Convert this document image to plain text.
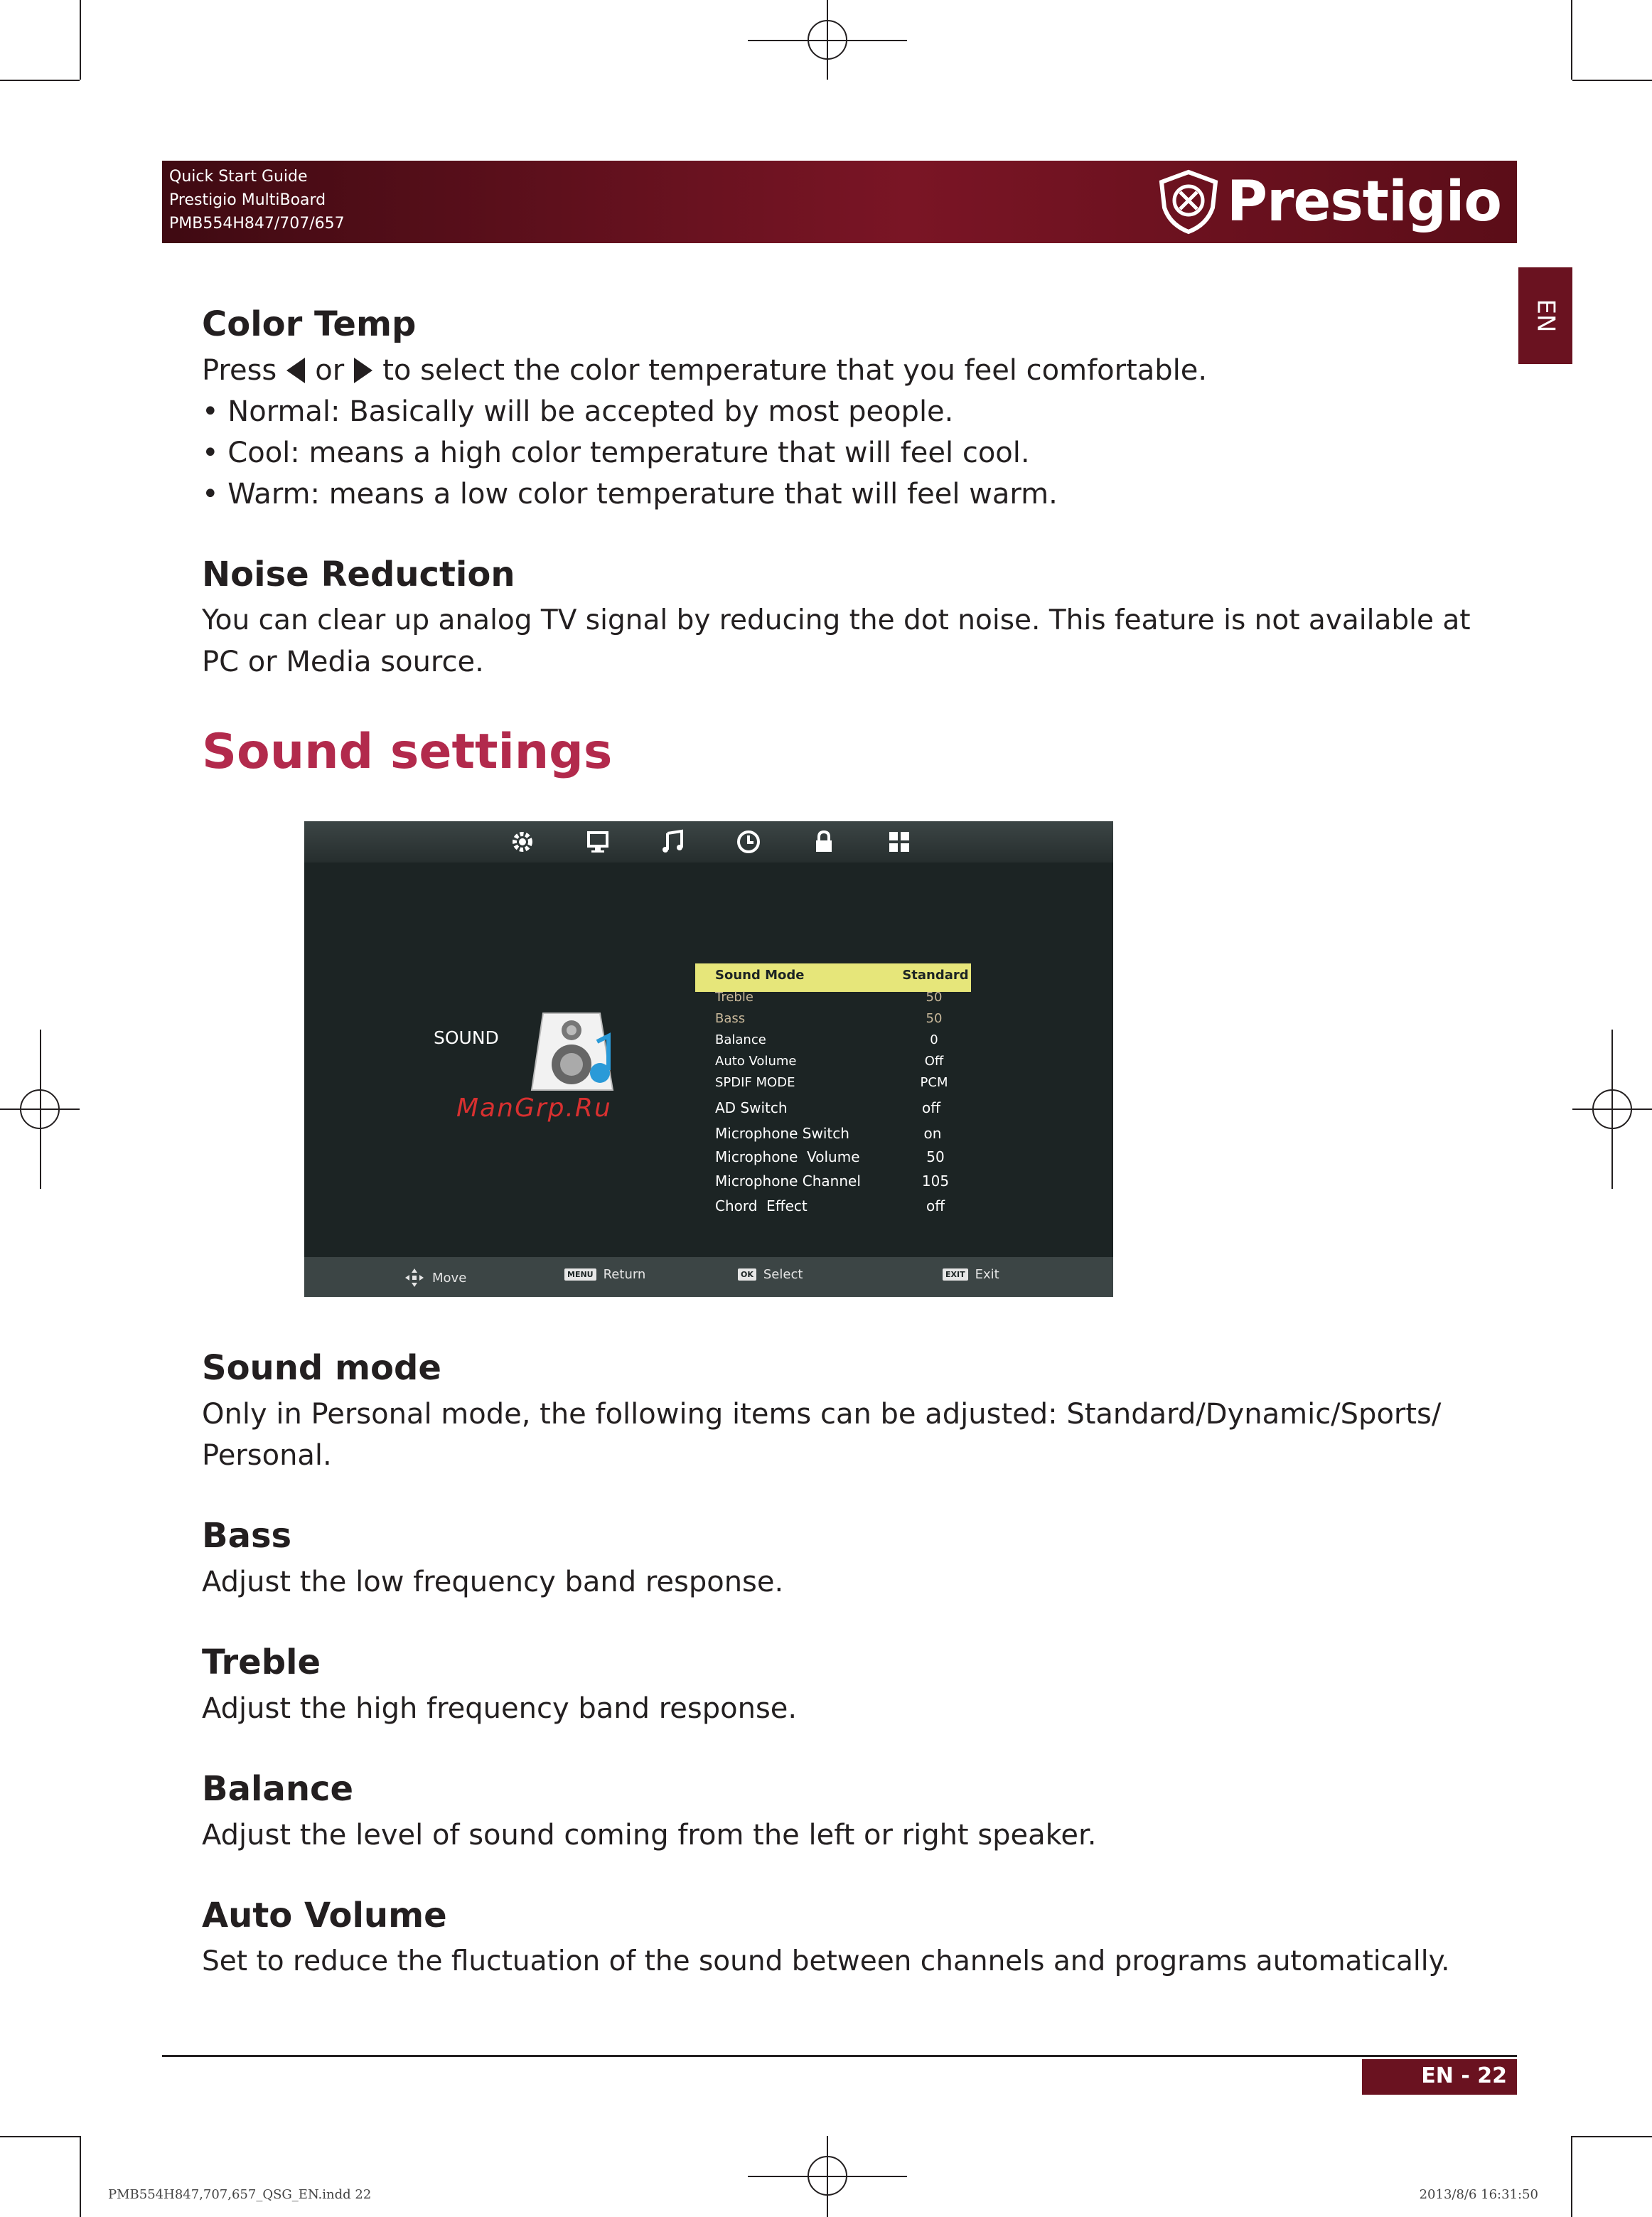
Quick Start Guide
Prestigio MultiBoard
PMB554H847/707/657	Prestigio
EN
Color Temp
Press or to select the color temperature that you feel comfortable.
• Normal: Basically will be accepted by most people.
• Cool: means a high color temperature that will feel cool.
• Warm: means a low color temperature that will feel warm.
Noise Reduction
You can clear up analog TV signal by reducing the dot noise. This feature is not available at
PC or Media source.
Sound settings
SOUND
Sound Mode	Standard
Treble	50
Bass	50
Balance	0
Auto Volume	Off
SPDIF MODE	PCM
AD Switch	off
Microphone Switch	on
Microphone  Volume	50
Microphone Channel	105
Chord  Effect	off
Move	MENU Return	OK Select	EXIT Exit
ManGrp.Ru
Sound mode
Only in Personal mode, the following items can be adjusted: Standard/Dynamic/Sports/
Personal.
Bass
Adjust the low frequency band response.
Treble
Adjust the high frequency band response.
Balance
Adjust the level of sound coming from the left or right speaker.
Auto Volume
Set to reduce the fluctuation of the sound between channels and programs automatically.
EN - 22
PMB554H847,707,657_QSG_EN.indd 22	2013/8/6 16:31:50
